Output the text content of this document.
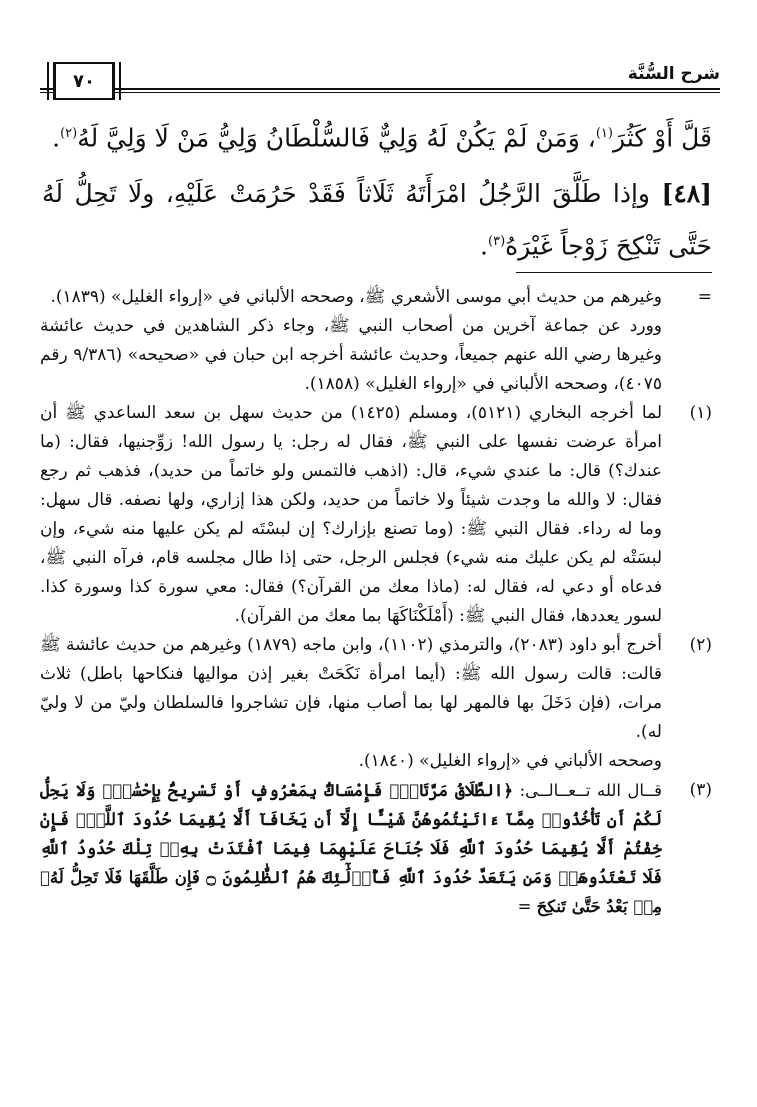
شرح السُّنَّة
٧٠

قَلَّ أَوْ كَثُرَ$^{(١)}$، وَمَنْ لَمْ يَكُنْ لَهُ وَلِيٌّ فَالسُّلْطَانُ وَلِيُّ مَنْ لَا وَلِيَّ لَهُ$^{(٢)}$.

[٤٨] وإذا طَلَّقَ الرَّجُلُ امْرَأَتَهُ ثَلَاثاً فَقَدْ حَرُمَتْ عَلَيْهِ، ولَا تَحِلُّ لَهُ حَتَّى تَنْكِحَ زَوْجاً غَيْرَهُ$^{(٣)}$.

=

وغيرهم من حديث أبي موسى الأشعري ﷺ، وصححه الألباني في «إرواء الغليل» (١٨٣٩).

وورد عن جماعة آخرين من أصحاب النبي ﷺ، وجاء ذكر الشاهدين في حديث عائشة وغيرها رضي الله عنهم جميعاً، وحديث عائشة أخرجه ابن حبان في «صحيحه» (٩/٣٨٦ رقم ٤٠٧٥)، وصححه الألباني في «إرواء الغليل» (١٨٥٨).

(١)

لما أخرجه البخاري (٥١٢١)، ومسلم (١٤٢٥) من حديث سهل بن سعد الساعدي ﷺ أن امرأة عرضت نفسها على النبي ﷺ، فقال له رجل: يا رسول الله! زوِّجنيها، فقال: (ما عندك؟) قال: ما عندي شيء، قال: (اذهب فالتمس ولو خاتماً من حديد)، فذهب ثم رجع فقال: لا والله ما وجدت شيئاً ولا خاتماً من حديد، ولكن هذا إزاري، ولها نصفه. قال سهل: وما له رداء. فقال النبي ﷺ: (وما تصنع بإزارك؟ إن لبسْتَه لم يكن عليها منه شيء، وإن لبسَتْه لم يكن عليك منه شيء) فجلس الرجل، حتى إذا طال مجلسه قام، فرآه النبي ﷺ، فدعاه أو دعي له، فقال له: (ماذا معك من القرآن؟) فقال: معي سورة كذا وسورة كذا. لسور يعددها، فقال النبي ﷺ: (أَمْلَكْنَاكَهَا بما معك من القرآن).

(٢)

أخرج أبو داود (٢٠٨٣)، والترمذي (١١٠٢)، وابن ماجه (١٨٧٩) وغيرهم من حديث عائشة ﷺ قالت: قالت رسول الله ﷺ: (أيما امرأة نَكَحَتْ بغير إذن مواليها فنكاحها باطل) ثلاث مرات، (فإن دَخَلَ بها فالمهر لها بما أصاب منها، فإن تشاجروا فالسلطان وليّ من لا وليّ له).

وصححه الألباني في «إرواء الغليل» (١٨٤٠).

(٣)

قــال الله تــعــالــى: ﴿الطَّلَاقُ مَرَّتَانِۖ فَإِمْسَاكٌۢ بِمَعْرُوفٍ أَوْ تَسْرِيحٌۢ بِإِحْسَٰنٍۗ وَلَا يَحِلُّ لَكُمْ أَن تَأْخُذُوا۟ مِمَّآ ءَاتَيْتُمُوهُنَّ شَيْـًٔا إِلَّآ أَن يَخَافَآ أَلَّا يُقِيمَا حُدُودَ ٱللَّهِۖ فَإِنْ خِفْتُمْ أَلَّا يُقِيمَا حُدُودَ ٱللَّهِ فَلَا جُنَاحَ عَلَيْهِمَا فِيمَا ٱفْتَدَتْ بِهِۦۗ تِلْكَ حُدُودُ ٱللَّهِ فَلَا تَعْتَدُوهَاۚ وَمَن يَتَعَدَّ حُدُودَ ٱللَّهِ فَأُو۟لَٰٓئِكَ هُمُ ٱلظَّٰلِمُونَ ۝ فَإِن طَلَّقَهَا فَلَا تَحِلُّ لَهُۥ مِنۢ بَعْدُ حَتَّىٰ تَنكِحَ =
